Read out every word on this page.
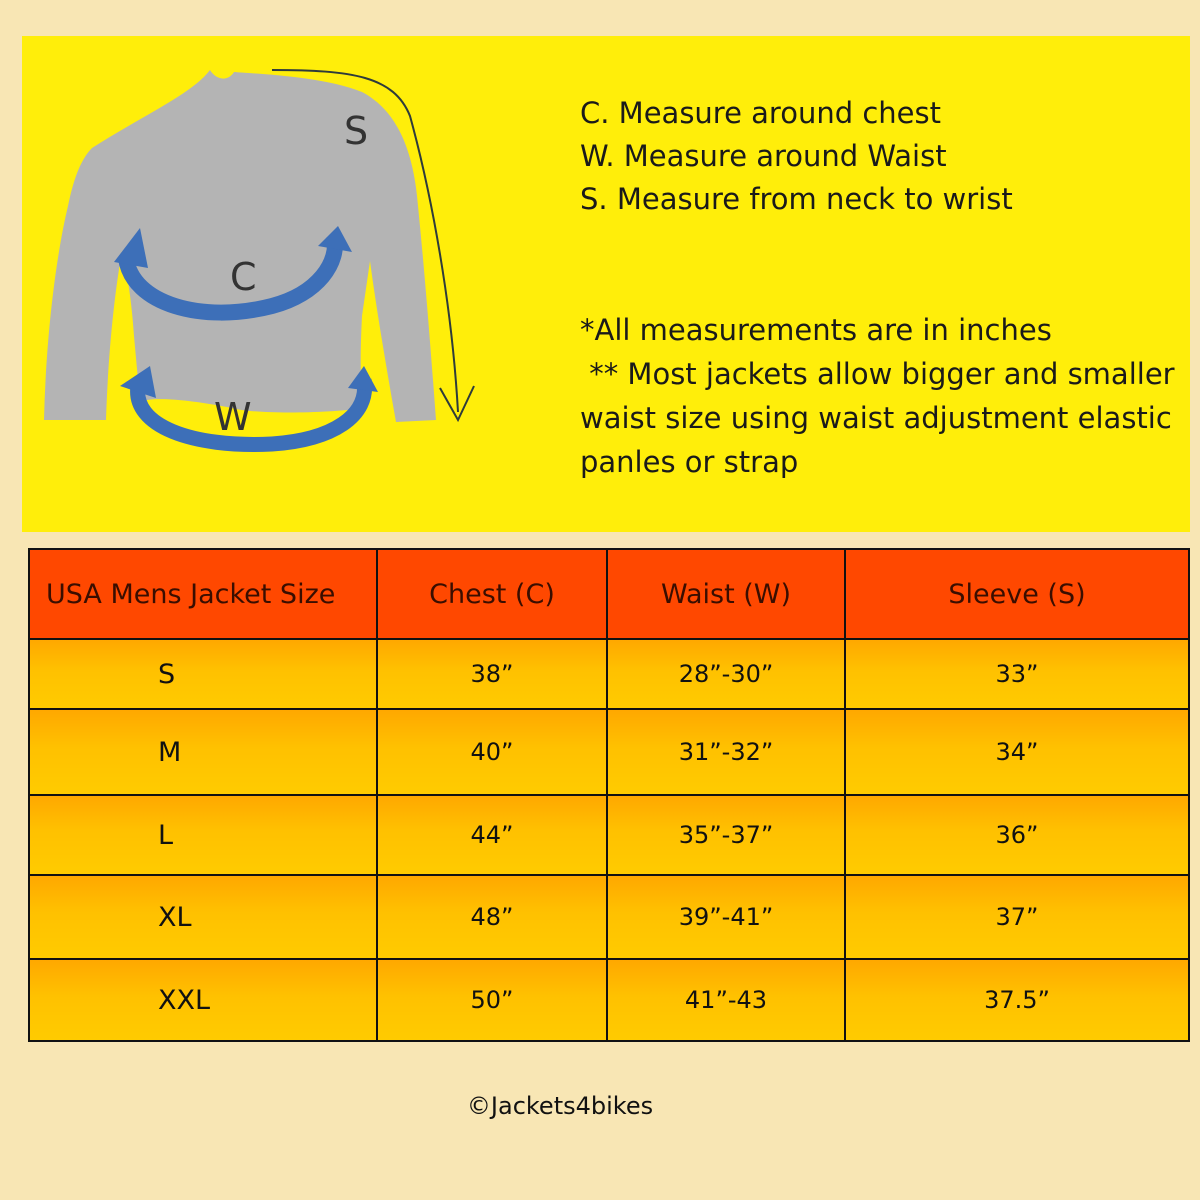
S
C
W
C. Measure around chest
W. Measure around Waist
S. Measure from neck to wrist
*All measurements are in inches
** Most jackets allow bigger and smaller
waist size using waist adjustment elastic
panles or strap
USA Mens Jacket Size	Chest (C)	Waist (W)	Sleeve (S)
S	38”	28”-30”	33”
M	40”	31”-32”	34”
L	44”	35”-37”	36”
XL	48”	39”-41”	37”
XXL	50”	41”-43	37.5”
©Jackets4bikes
